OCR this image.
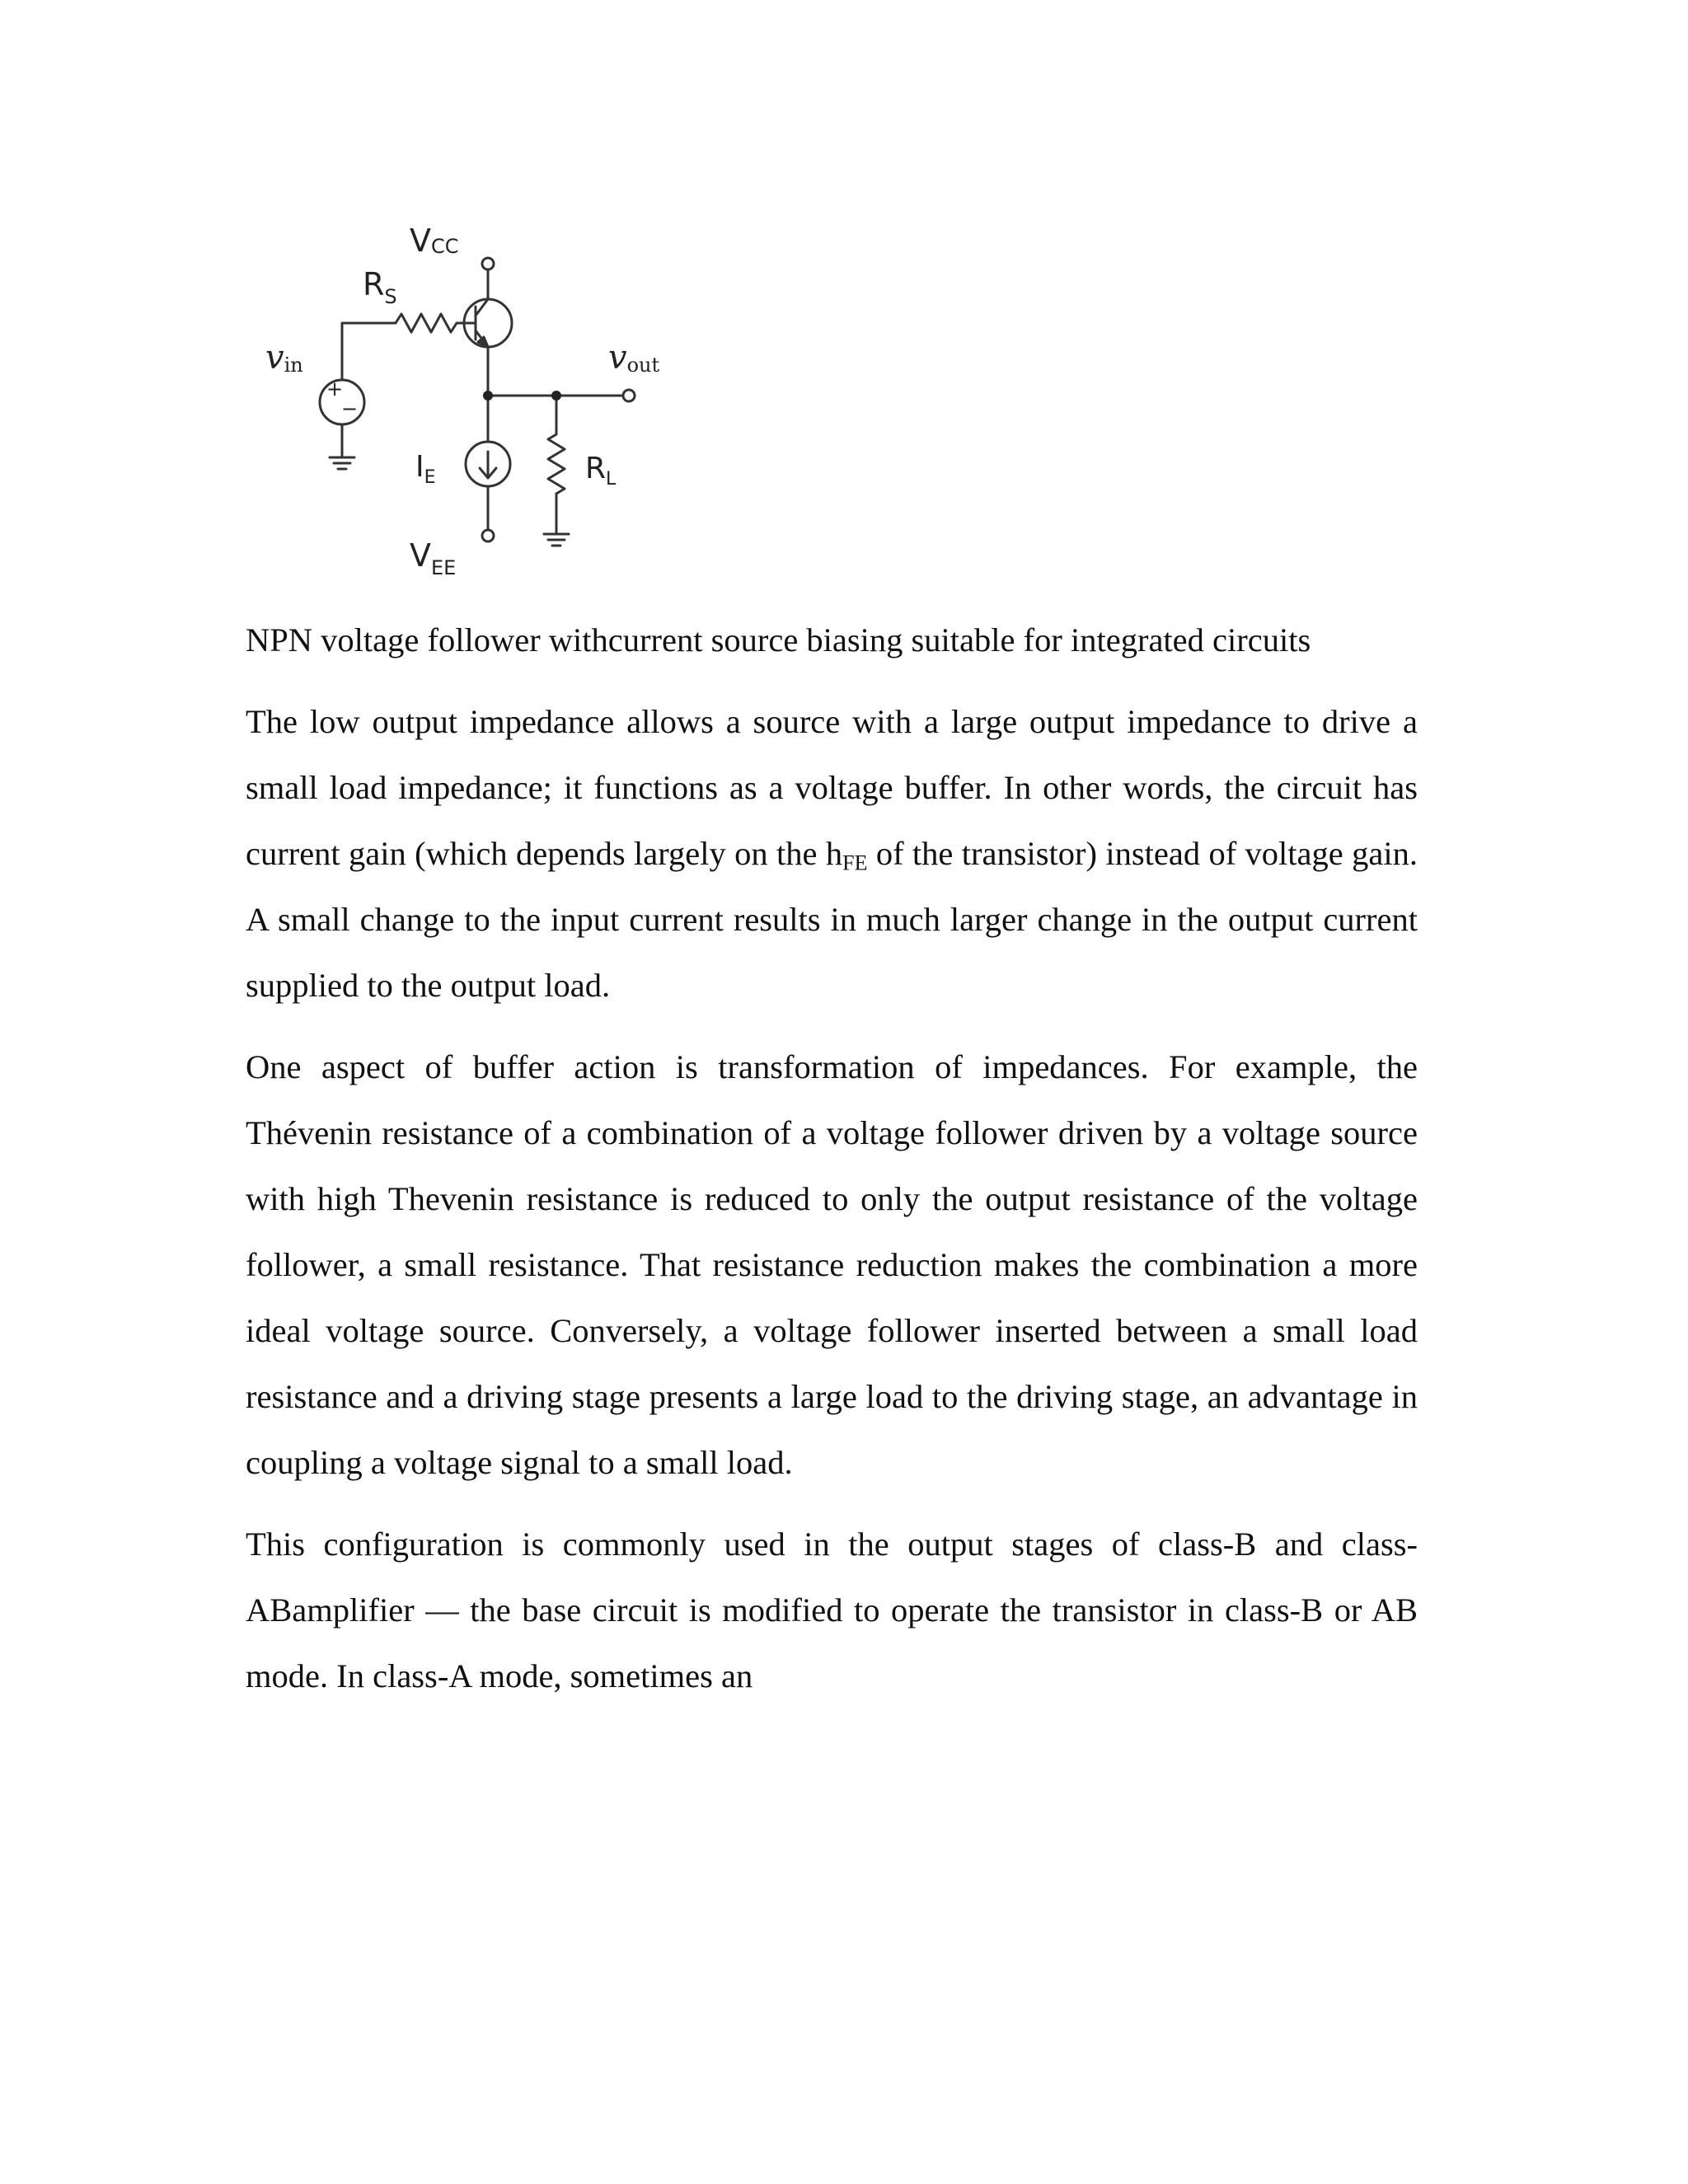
+
−
VCC
$R_S$
vin	vout
$I_E$	$R_L$
$V_{EE}$

NPN voltage follower withcurrent source biasing suitable for integrated circuits

The low output impedance allows a source with a large output impedance to drive a small load impedance; it functions as a voltage buffer. In other words, the circuit has current gain (which depends largely on the $h_{FE}$ of the transistor) instead of voltage gain. A small change to the input current results in much larger change in the output current supplied to the output load.

One aspect of buffer action is transformation of impedances. For example, the Thévenin resistance of a combination of a voltage follower driven by a voltage source with high Thevenin resistance is reduced to only the output resistance of the voltage follower, a small resistance. That resistance reduction makes the combination a more ideal voltage source. Conversely, a voltage follower inserted between a small load resistance and a driving stage presents a large load to the driving stage, an advantage in coupling a voltage signal to a small load.

This configuration is commonly used in the output stages of class-B and class-ABamplifier — the base circuit is modified to operate the transistor in class-B or AB mode. In class-A mode, sometimes an
